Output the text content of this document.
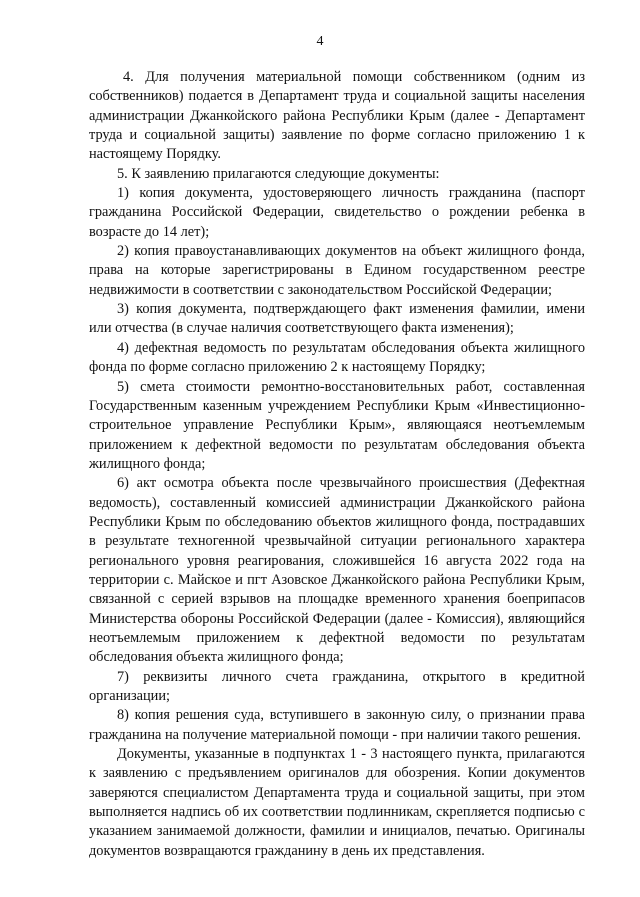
4

4. Для получения материальной помощи собственником (одним из собственников) подается в Департамент труда и социальной защиты населения администрации Джанкойского района Республики Крым (далее - Департамент труда и социальной защиты) заявление по форме согласно приложению 1 к настоящему Порядку.

5. К заявлению прилагаются следующие документы:

1) копия документа, удостоверяющего личность гражданина (паспорт гражданина Российской Федерации, свидетельство о рождении ребенка в возрасте до 14 лет);

2) копия правоустанавливающих документов на объект жилищного фонда, права на которые зарегистрированы в Едином государственном реестре недвижимости в соответствии с законодательством Российской Федерации;

3) копия документа, подтверждающего факт изменения фамилии, имени или отчества (в случае наличия соответствующего факта изменения);

4) дефектная ведомость по результатам обследования объекта жилищного фонда по форме согласно приложению 2 к настоящему Порядку;

5) смета стоимости ремонтно-восстановительных работ, составленная Государственным казенным учреждением Республики Крым «Инвестиционно-строительное управление Республики Крым», являющаяся неотъемлемым приложением к дефектной ведомости по результатам обследования объекта жилищного фонда;

6) акт осмотра объекта после чрезвычайного происшествия (Дефектная ведомость), составленный комиссией администрации Джанкойского района Республики Крым по обследованию объектов жилищного фонда, пострадавших в результате техногенной чрезвычайной ситуации регионального характера регионального уровня реагирования, сложившейся 16 августа 2022 года на территории с. Майское и пгт Азовское Джанкойского района Республики Крым, связанной с серией взрывов на площадке временного хранения боеприпасов Министерства обороны Российской Федерации (далее - Комиссия), являющийся неотъемлемым приложением к дефектной ведомости по результатам обследования объекта жилищного фонда;

7) реквизиты личного счета гражданина, открытого в кредитной организации;

8) копия решения суда, вступившего в законную силу, о признании права гражданина на получение материальной помощи - при наличии такого решения.

Документы, указанные в подпунктах 1 - 3 настоящего пункта, прилагаются к заявлению с предъявлением оригиналов для обозрения. Копии документов заверяются специалистом Департамента труда и социальной защиты, при этом выполняется надпись об их соответствии подлинникам, скрепляется подписью с указанием занимаемой должности, фамилии и инициалов, печатью. Оригиналы документов возвращаются гражданину в день их представления.
